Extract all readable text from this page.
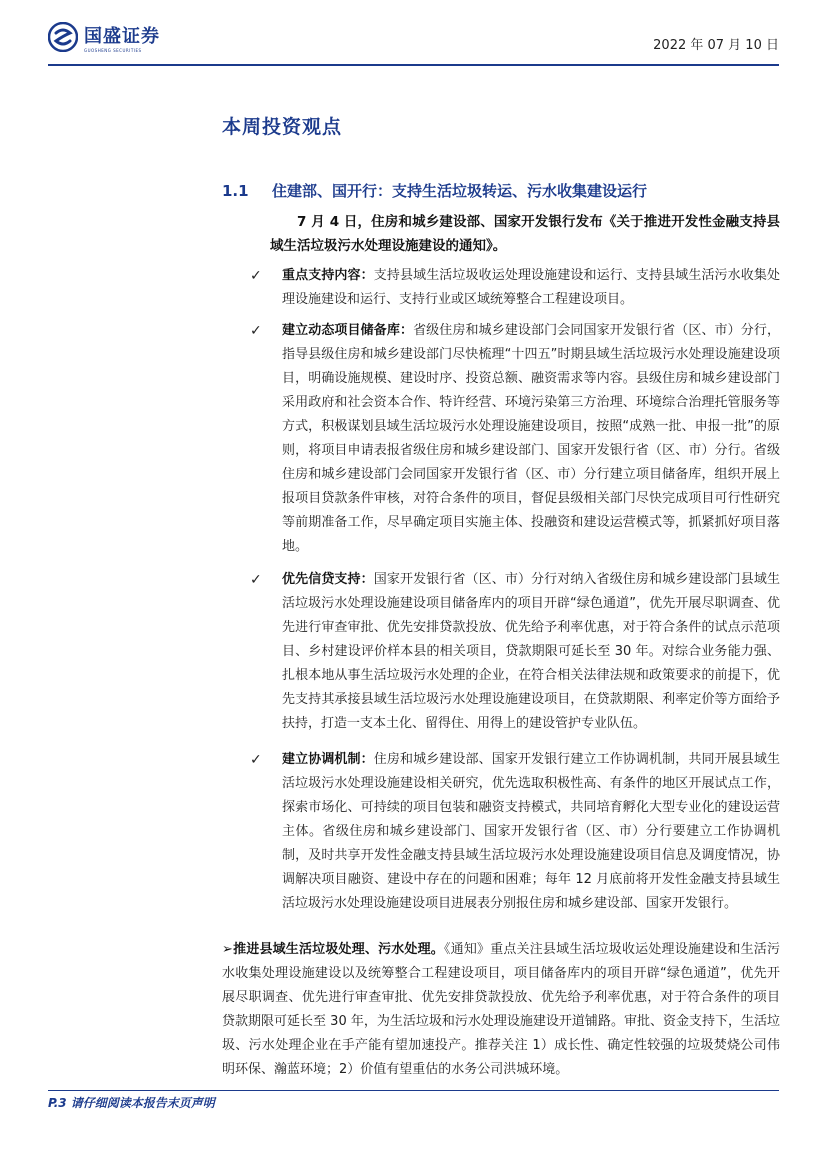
国盛证券
GUOSHENG SECURITIES	2022 年 07 月 10 日
本周投资观点
1.1 住建部、国开行：支持生活垃圾转运、污水收集建设运行
7 月 4 日，住房和城乡建设部、国家开发银行发布《关于推进开发性金融支持县域生活垃圾污水处理设施建设的通知》。
✓ 重点支持内容：支持县域生活垃圾收运处理设施建设和运行、支持县域生活污水收集处理设施建设和运行、支持行业或区域统筹整合工程建设项目。
✓ 建立动态项目储备库：省级住房和城乡建设部门会同国家开发银行省（区、市）分行，指导县级住房和城乡建设部门尽快梳理“十四五”时期县域生活垃圾污水处理设施建设项目，明确设施规模、建设时序、投资总额、融资需求等内容。县级住房和城乡建设部门采用政府和社会资本合作、特许经营、环境污染第三方治理、环境综合治理托管服务等方式，积极谋划县域生活垃圾污水处理设施建设项目，按照“成熟一批、申报一批”的原则，将项目申请表报省级住房和城乡建设部门、国家开发银行省（区、市）分行。省级住房和城乡建设部门会同国家开发银行省（区、市）分行建立项目储备库，组织开展上报项目贷款条件审核，对符合条件的项目，督促县级相关部门尽快完成项目可行性研究等前期准备工作，尽早确定项目实施主体、投融资和建设运营模式等，抓紧抓好项目落地。
✓ 优先信贷支持：国家开发银行省（区、市）分行对纳入省级住房和城乡建设部门县域生活垃圾污水处理设施建设项目储备库内的项目开辟“绿色通道”，优先开展尽职调查、优先进行审查审批、优先安排贷款投放、优先给予利率优惠，对于符合条件的试点示范项目、乡村建设评价样本县的相关项目，贷款期限可延长至 30 年。对综合业务能力强、扎根本地从事生活垃圾污水处理的企业，在符合相关法律法规和政策要求的前提下，优先支持其承接县域生活垃圾污水处理设施建设项目，在贷款期限、利率定价等方面给予扶持，打造一支本土化、留得住、用得上的建设管护专业队伍。
✓ 建立协调机制：住房和城乡建设部、国家开发银行建立工作协调机制，共同开展县域生活垃圾污水处理设施建设相关研究，优先选取积极性高、有条件的地区开展试点工作，探索市场化、可持续的项目包装和融资支持模式，共同培育孵化大型专业化的建设运营主体。省级住房和城乡建设部门、国家开发银行省（区、市）分行要建立工作协调机制，及时共享开发性金融支持县域生活垃圾污水处理设施建设项目信息及调度情况，协调解决项目融资、建设中存在的问题和困难；每年 12 月底前将开发性金融支持县域生活垃圾污水处理设施建设项目进展表分别报住房和城乡建设部、国家开发银行。
➢推进县域生活垃圾处理、污水处理。《通知》重点关注县域生活垃圾收运处理设施建设和生活污水收集处理设施建设以及统筹整合工程建设项目，项目储备库内的项目开辟“绿色通道”，优先开展尽职调查、优先进行审查审批、优先安排贷款投放、优先给予利率优惠，对于符合条件的项目贷款期限可延长至 30 年，为生活垃圾和污水处理设施建设开道铺路。审批、资金支持下，生活垃圾、污水处理企业在手产能有望加速投产。推荐关注 1）成长性、确定性较强的垃圾焚烧公司伟明环保、瀚蓝环境；2）价值有望重估的水务公司洪城环境。
P.3 请仔细阅读本报告末页声明
